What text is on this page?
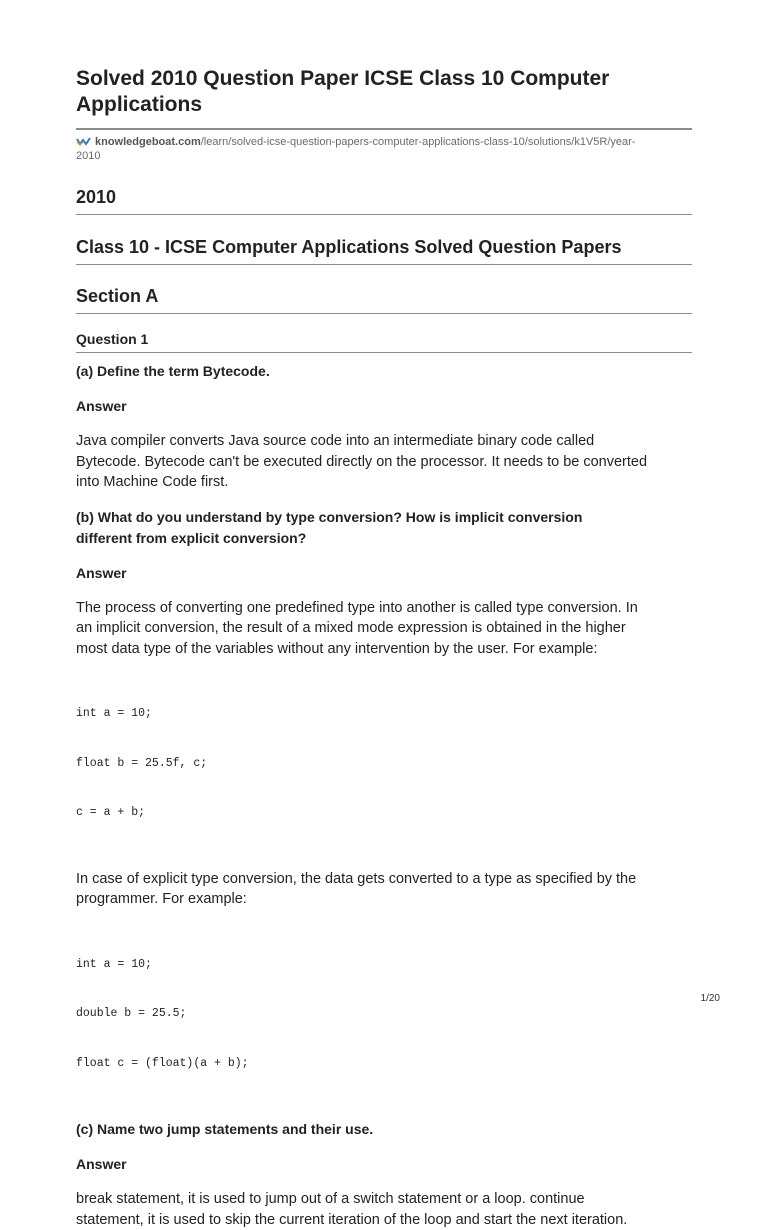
Solved 2010 Question Paper ICSE Class 10 Computer
Applications
knowledgeboat.com/learn/solved-icse-question-papers-computer-applications-class-10/solutions/k1V5R/year-
2010
2010
Class 10 - ICSE Computer Applications Solved Question Papers
Section A
Question 1

(a) Define the term Bytecode.

Answer

Java compiler converts Java source code into an intermediate binary code called
Bytecode. Bytecode can't be executed directly on the processor. It needs to be converted
into Machine Code first.
(b) What do you understand by type conversion? How is implicit conversion
different from explicit conversion?

Answer

The process of converting one predefined type into another is called type conversion. In
an implicit conversion, the result of a mixed mode expression is obtained in the higher
most data type of the variables without any intervention by the user. For example:

int a = 10;

float b = 25.5f, c;

c = a + b;

In case of explicit type conversion, the data gets converted to a type as specified by the
programmer. For example:

int a = 10;

double b = 25.5;

float c = (float)(a + b);

(c) Name two jump statements and their use.

Answer

break statement, it is used to jump out of a switch statement or a loop. continue
statement, it is used to skip the current iteration of the loop and start the next iteration.
1/20
